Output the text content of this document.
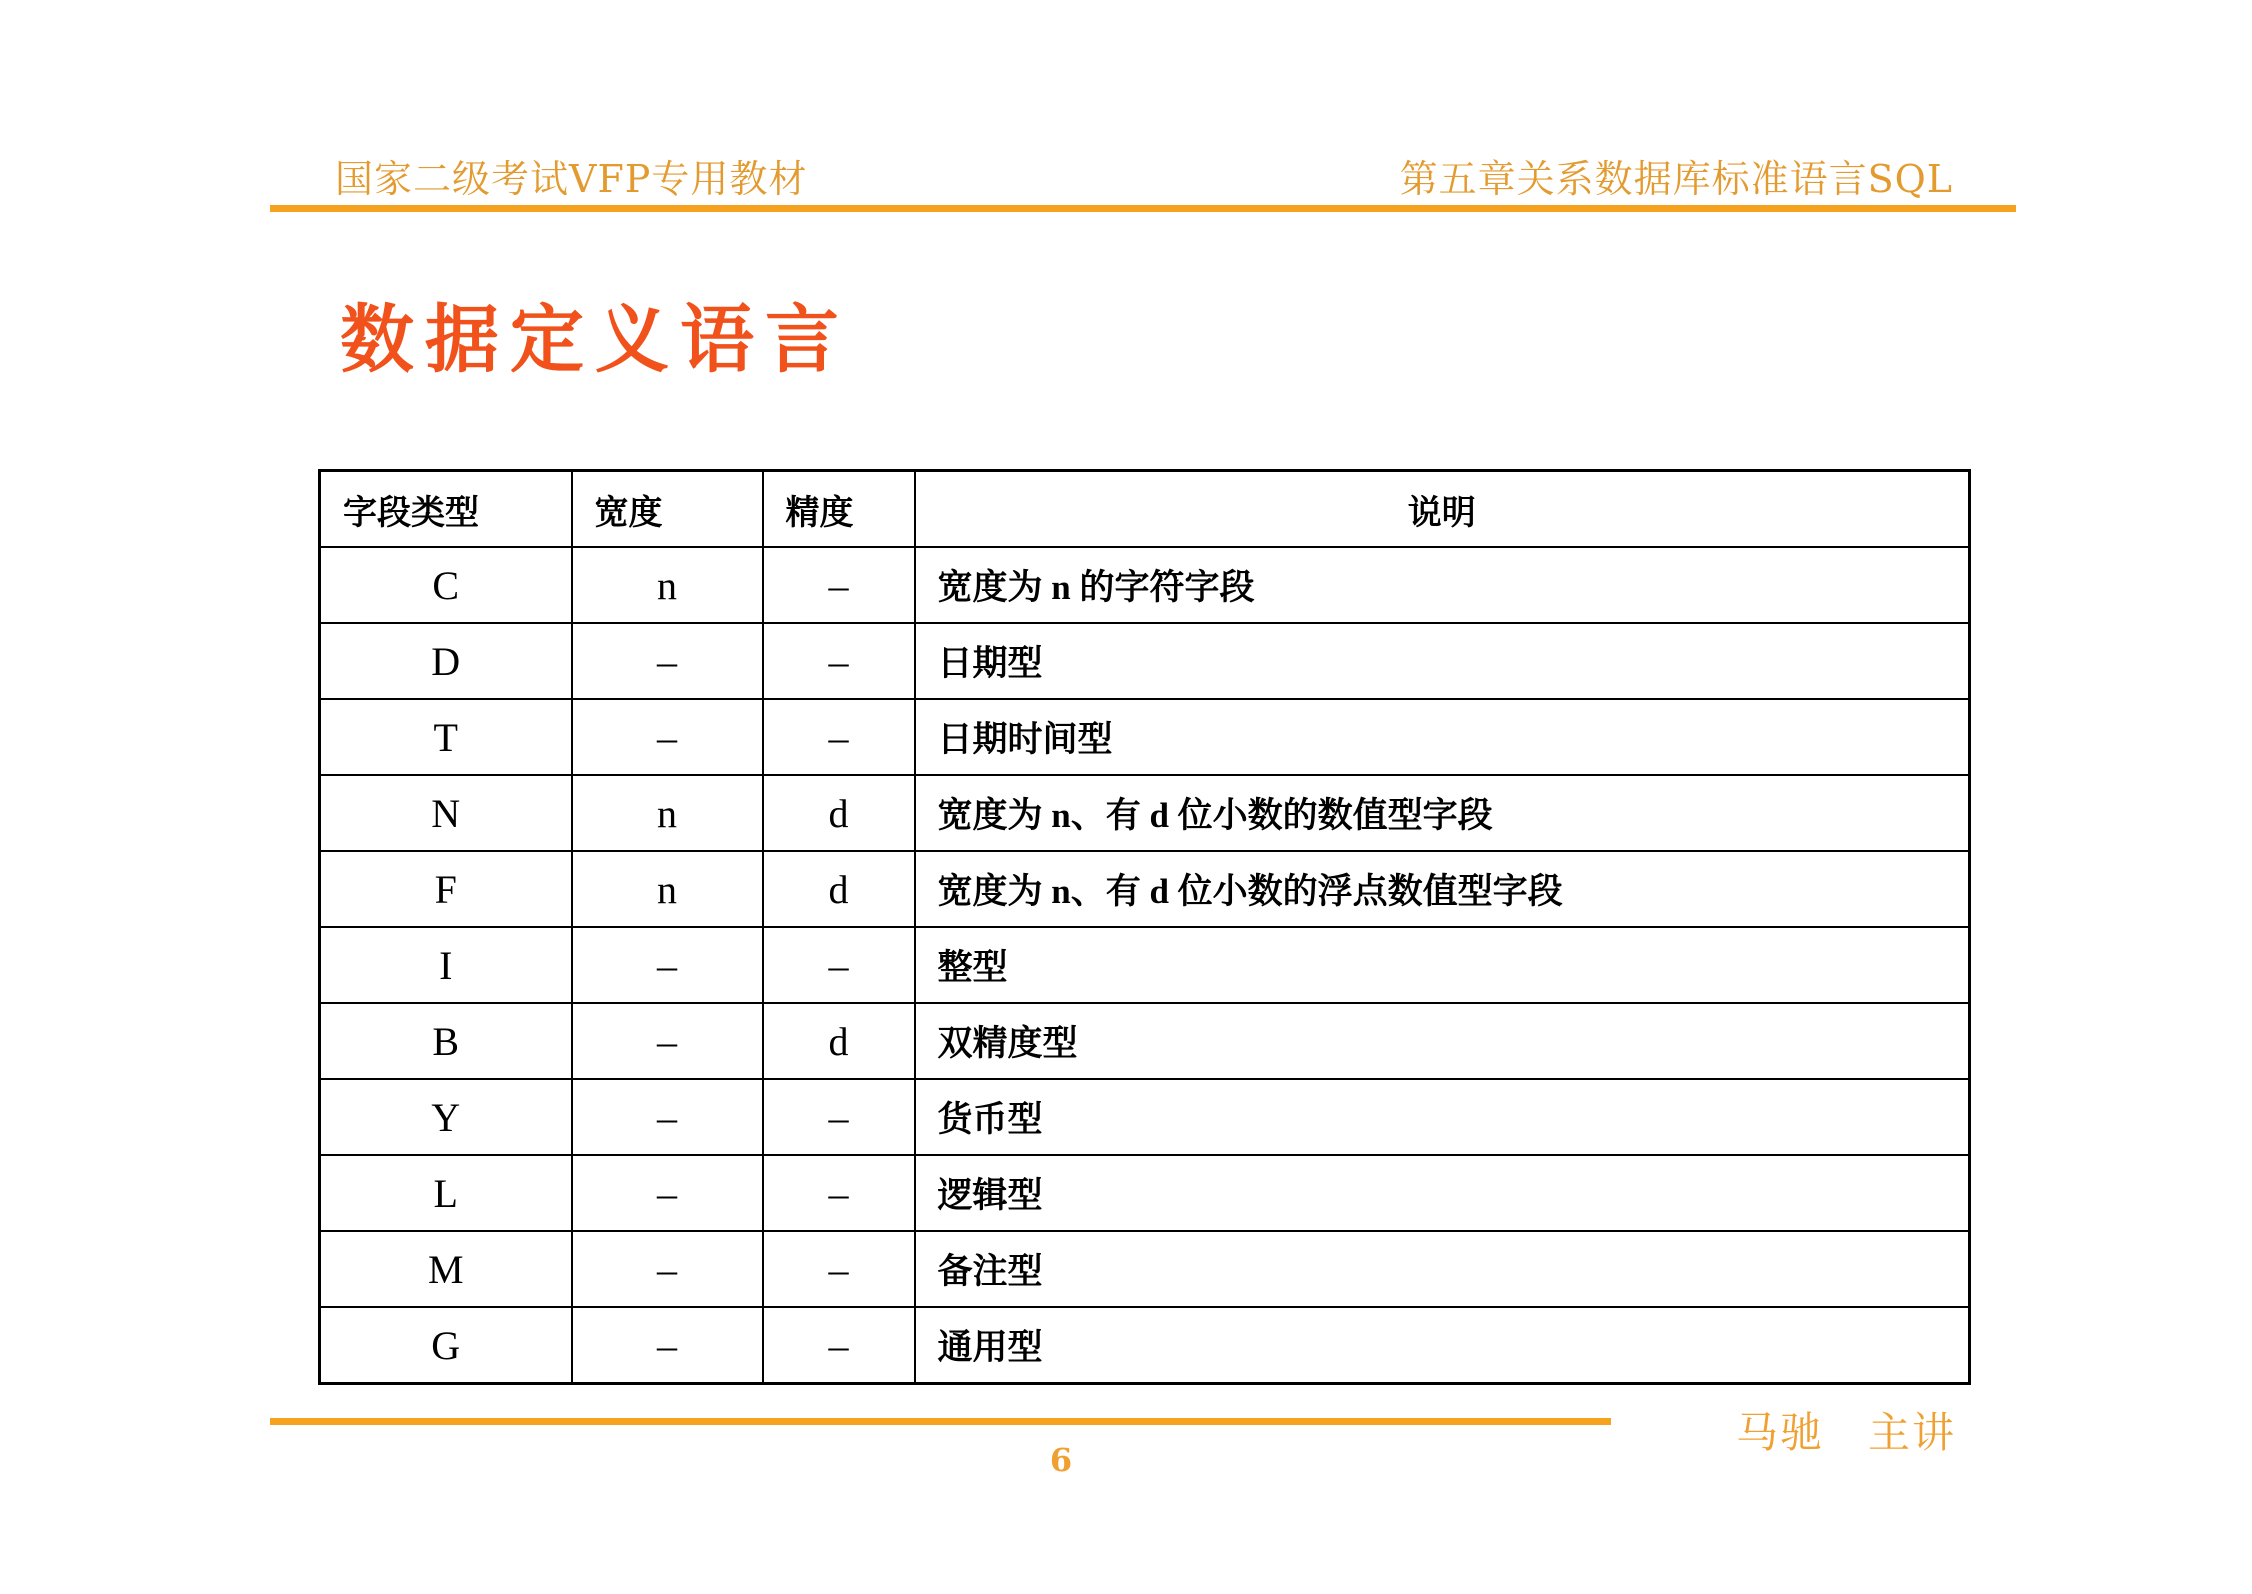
国家二级考试VFP专用教材	第五章关系数据库标准语言SQL
数据定义语言
字段类型	宽度	精度	说明
C	n	–	宽度为 n 的字符字段
D	–	–	日期型
T	–	–	日期时间型
N	n	d	宽度为 n、有 d 位小数的数值型字段
F	n	d	宽度为 n、有 d 位小数的浮点数值型字段
I	–	–	整型
B	–	d	双精度型
Y	–	–	货币型
L	–	–	逻辑型
M	–	–	备注型
G	–	–	通用型
6
马驰　主讲
